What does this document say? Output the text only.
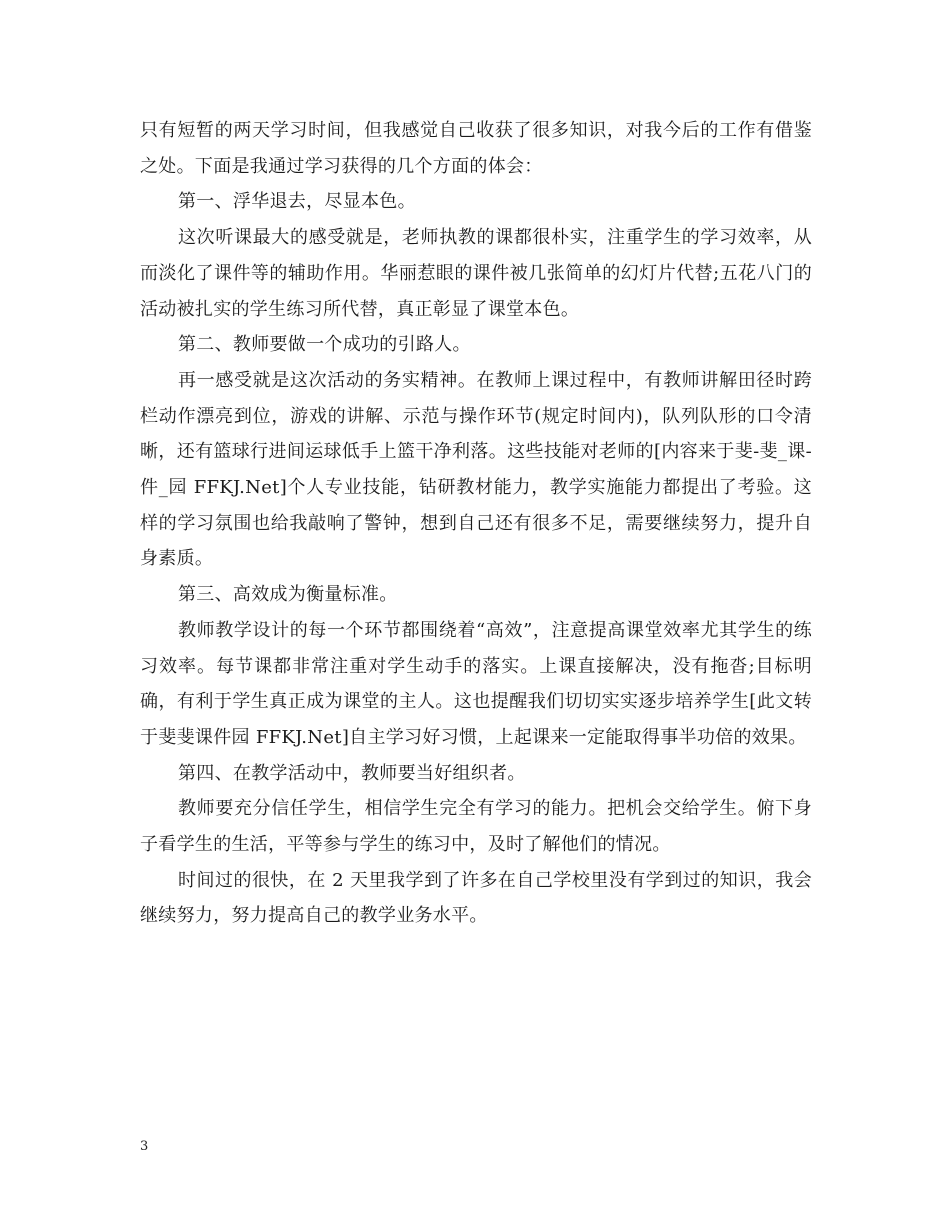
只有短暂的两天学习时间，但我感觉自己收获了很多知识，对我今后的工作有借鉴之处。下面是我通过学习获得的几个方面的体会：

第一、浮华退去，尽显本色。

这次听课最大的感受就是，老师执教的课都很朴实，注重学生的学习效率，从而淡化了课件等的辅助作用。华丽惹眼的课件被几张简单的幻灯片代替;五花八门的活动被扎实的学生练习所代替，真正彰显了课堂本色。

第二、教师要做一个成功的引路人。

再一感受就是这次活动的务实精神。在教师上课过程中，有教师讲解田径时跨栏动作漂亮到位，游戏的讲解、示范与操作环节(规定时间内)，队列队形的口令清晰，还有篮球行进间运球低手上篮干净利落。这些技能对老师的[内容来于斐-斐_课-件_园 FFKJ.Net]个人专业技能，钻研教材能力，教学实施能力都提出了考验。这样的学习氛围也给我敲响了警钟，想到自己还有很多不足，需要继续努力，提升自身素质。

第三、高效成为衡量标准。

教师教学设计的每一个环节都围绕着“高效”，注意提高课堂效率尤其学生的练习效率。每节课都非常注重对学生动手的落实。上课直接解决，没有拖沓;目标明确，有利于学生真正成为课堂的主人。这也提醒我们切切实实逐步培养学生[此文转于斐斐课件园 FFKJ.Net]自主学习好习惯，上起课来一定能取得事半功倍的效果。

第四、在教学活动中，教师要当好组织者。

教师要充分信任学生，相信学生完全有学习的能力。把机会交给学生。俯下身子看学生的生活，平等参与学生的练习中，及时了解他们的情况。

时间过的很快，在 2 天里我学到了许多在自己学校里没有学到过的知识，我会继续努力，努力提高自己的教学业务水平。

3
